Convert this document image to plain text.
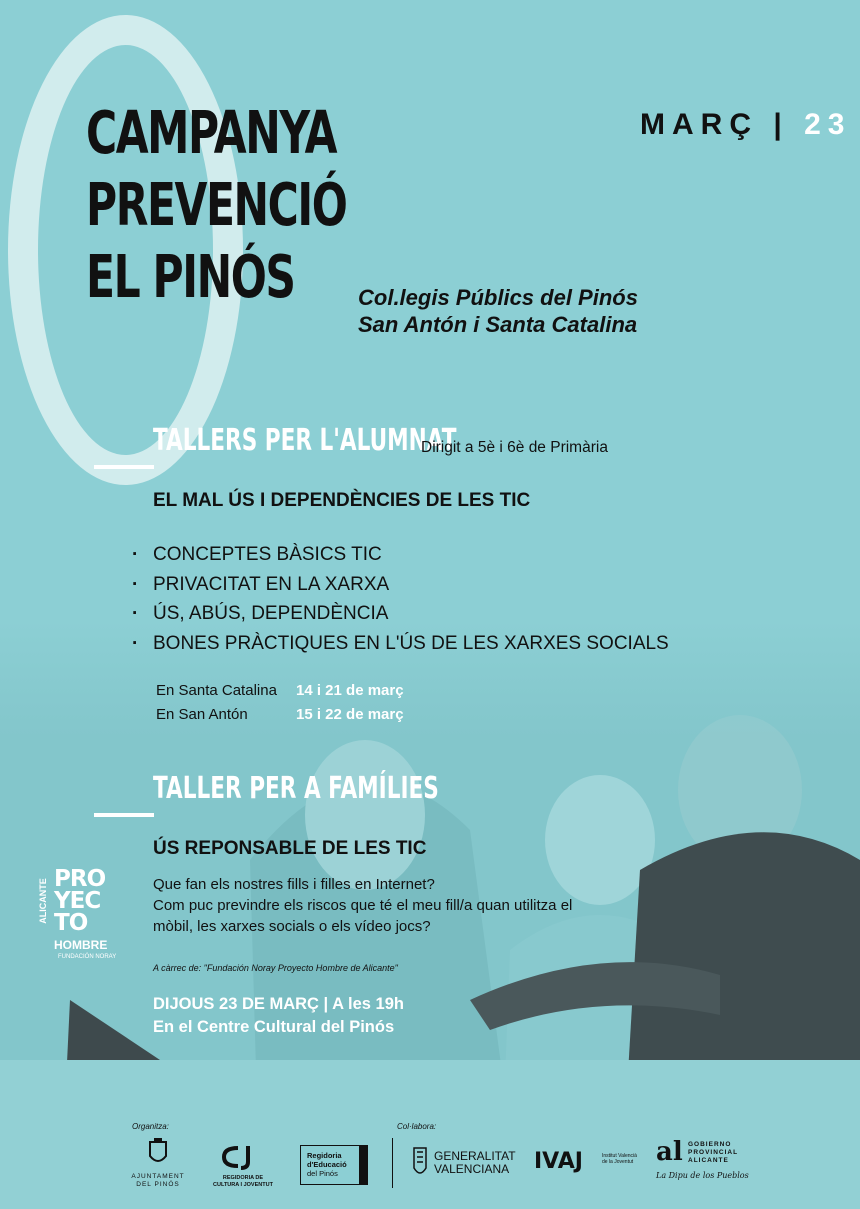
CAMPANYA
PREVENCIÓ
EL PINÓS
MARÇ | 23
Col.legis Públics del Pinós
San Antón i Santa Catalina
TALLERS PER L'ALUMNAT
Dirigit a 5è i 6è de Primària
EL MAL ÚS I DEPENDÈNCIES DE LES TIC
· CONCEPTES BÀSICS TIC
· PRIVACITAT EN LA XARXA
· ÚS, ABÚS, DEPENDÈNCIA
· BONES PRÀCTIQUES EN L'ÚS DE LES XARXES SOCIALS
En Santa Catalina 14 i 21 de març
En San Antón	15 i 22 de març
TALLER PER A FAMÍLIES
ÚS REPONSABLE DE LES TIC
Que fan els nostres fills i filles en Internet?
Com puc previndre els riscos que té el meu fill/a quan utilitza el
mòbil, les xarxes socials o els vídeo jocs?
A càrrec de: "Fundación Noray Proyecto Hombre de Alicante"
DIJOUS 23 DE MARÇ | A les 19h
En el Centre Cultural del Pinós
ALICANTE PRO
YEC
TO
HOMBRE
FUNDACIÓN NORAY
Organitza:	Col·labora:
AJUNTAMENT
DEL PINÓS
REGIDORIA DE
CULTURA I JOVENTUT
Regidoria
d'Educació
del Pinós
GENERALITAT
VALENCIANA IVAJ	Institut Valencià
de la Joventut al GOBIERNO
PROVINCIAL
ALICANTE
La Dipu de los Pueblos
